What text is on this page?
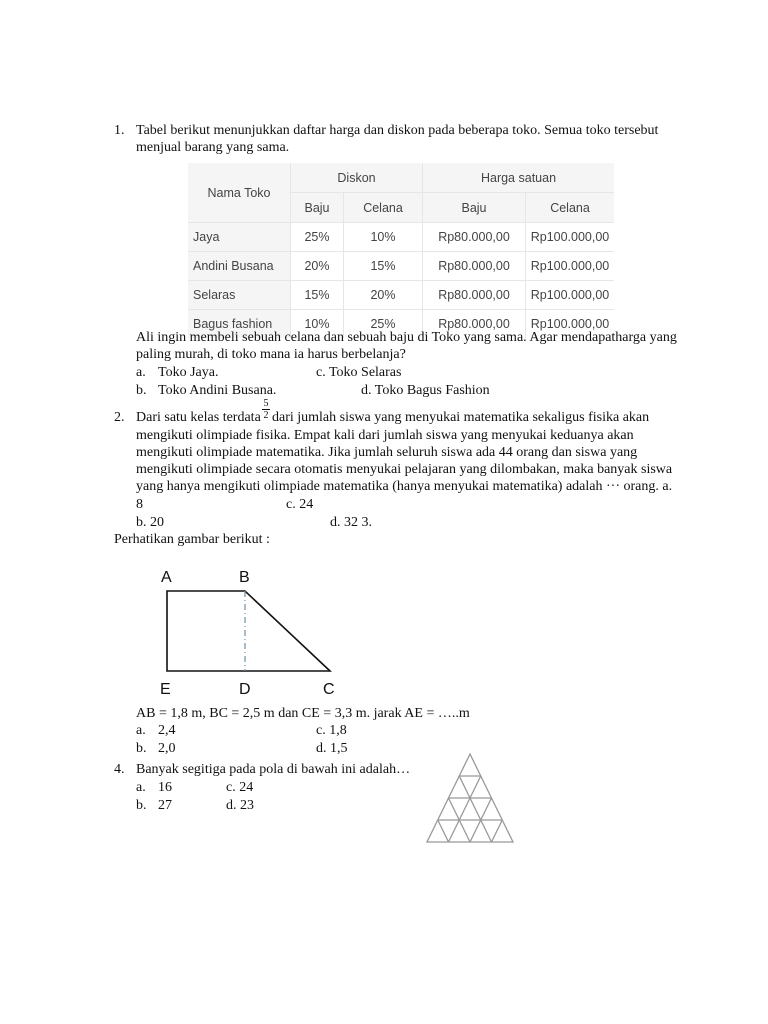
1. Tabel berikut menunjukkan daftar harga dan diskon pada beberapa toko. Semua toko tersebut
menjual barang yang sama.
Nama Toko	Diskon		Harga satuan	
	Baju	Celana	Baju	Celana
Jaya	25%	10%	Rp80.000,00	Rp100.000,00
Andini Busana	20%	15%	Rp80.000,00	Rp100.000,00
Selaras	15%	20%	Rp80.000,00	Rp100.000,00
Bagus fashion	10%	25%	Rp80.000,00	Rp100.000,00
Ali ingin membeli sebuah celana dan sebuah baju di Toko yang sama. Agar mendapatharga yang
paling murah, di toko mana ia harus berbelanja?
a. Toko Jaya.	c. Toko Selaras
b. Toko Andini Busana.	d. Toko Bagus Fashion
2. Dari satu kelas terdata
5
2 dari jumlah siswa yang menyukai matematika sekaligus fisika akan
mengikuti olimpiade fisika. Empat kali dari jumlah siswa yang menyukai keduanya akan
mengikuti olimpiade matematika. Jika jumlah seluruh siswa ada 44 orang dan siswa yang
mengikuti olimpiade secara otomatis menyukai pelajaran yang dilombakan, maka banyak siswa
yang hanya mengikuti olimpiade matematika (hanya menyukai matematika) adalah ··· orang. a.
8	c. 24
b. 20	d. 32 3.
Perhatikan gambar berikut :
A	B
E	D	C
AB = 1,8 m, BC = 2,5 m dan CE = 3,3 m. jarak AE = …..m
a. 2,4	c. 1,8
b. 2,0	d. 1,5
4. Banyak segitiga pada pola di bawah ini adalah…
a. 16	c. 24
b. 27	d. 23
